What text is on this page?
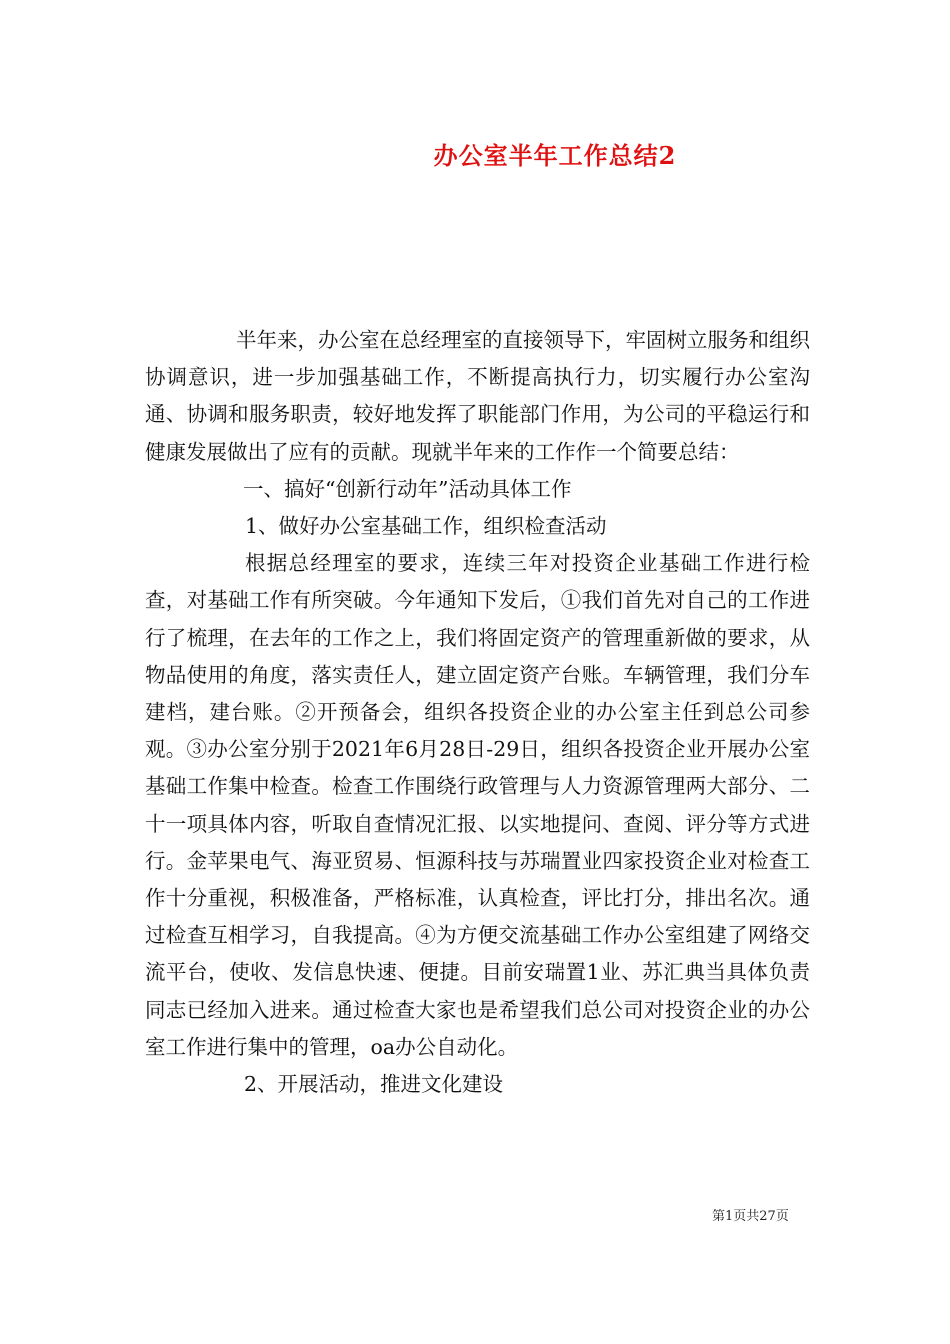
办公室半年工作总结2

半年来，办公室在总经理室的直接领导下，牢固树立服务和组织协调意识，进一步加强基础工作，不断提高执行力，切实履行办公室沟通、协调和服务职责，较好地发挥了职能部门作用，为公司的平稳运行和健康发展做出了应有的贡献。现就半年来的工作作一个简要总结：

一、搞好“创新行动年”活动具体工作

1、做好办公室基础工作，组织检查活动

根据总经理室的要求，连续三年对投资企业基础工作进行检查，对基础工作有所突破。今年通知下发后，①我们首先对自己的工作进行了梳理，在去年的工作之上，我们将固定资产的管理重新做的要求，从物品使用的角度，落实责任人，建立固定资产台账。车辆管理，我们分车建档，建台账。②开预备会，组织各投资企业的办公室主任到总公司参观。③办公室分别于2021年6月28日-29日，组织各投资企业开展办公室基础工作集中检查。检查工作围绕行政管理与人力资源管理两大部分、二十一项具体内容，听取自查情况汇报、以实地提问、查阅、评分等方式进行。金苹果电气、海亚贸易、恒源科技与苏瑞置业四家投资企业对检查工作十分重视，积极准备，严格标准，认真检查，评比打分，排出名次。通过检查互相学习，自我提高。④为方便交流基础工作办公室组建了网络交流平台，使收、发信息快速、便捷。目前安瑞置1业、苏汇典当具体负责同志已经加入进来。通过检查大家也是希望我们总公司对投资企业的办公室工作进行集中的管理，oa办公自动化。

2、开展活动，推进文化建设

第1页共27页
